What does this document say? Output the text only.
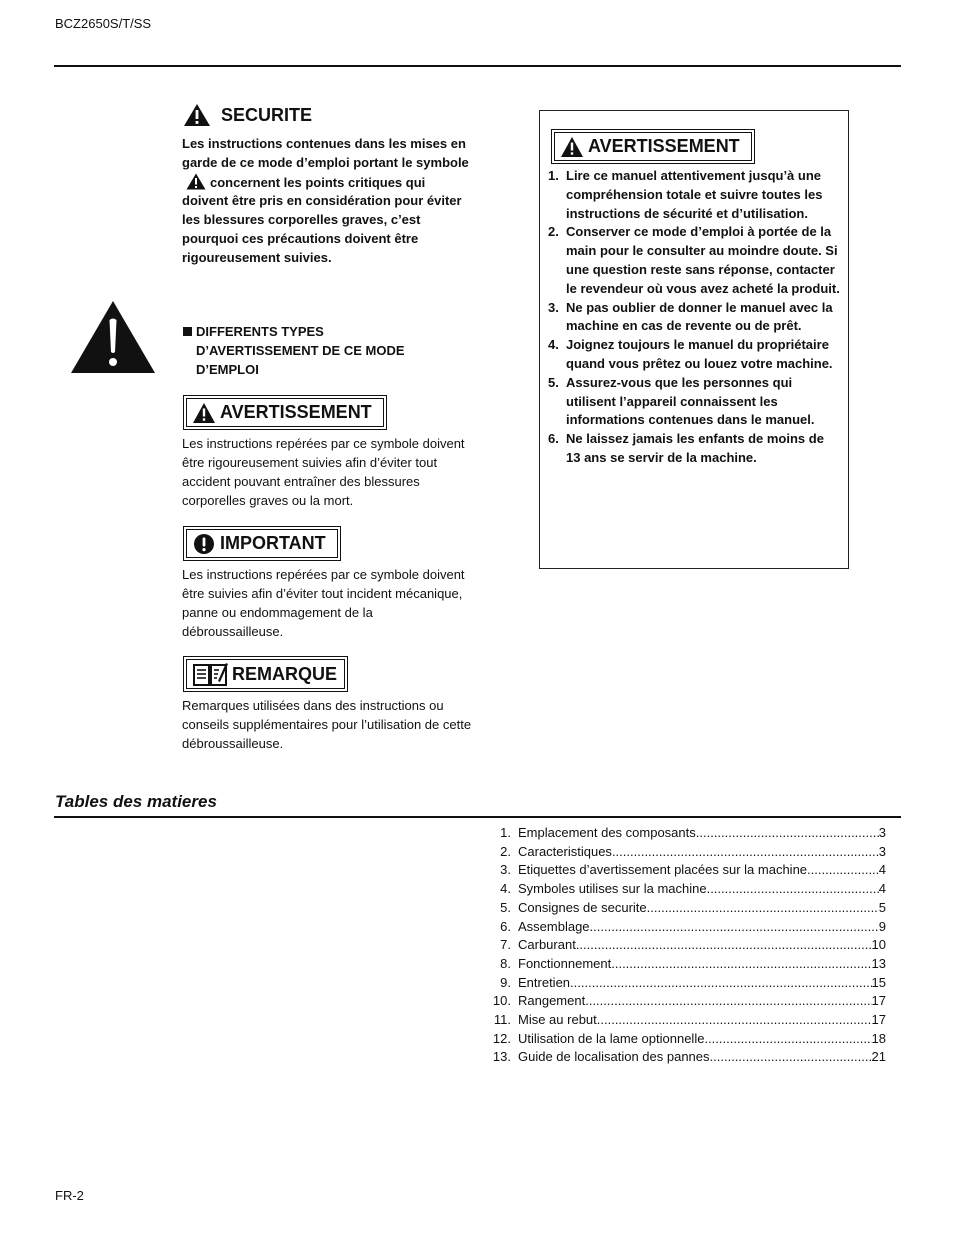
BCZ2650S/T/SS
SECURITE
Les instructions contenues dans les mises en garde de ce mode d’emploi portant le symboleconcernent les points critiques qui doivent être pris en considération pour éviter les blessures corporelles graves, c’est pourquoi ces précautions doivent être rigoureusement suivies.
DIFFERENTS TYPES
D’AVERTISSEMENT DE CE MODE
D’EMPLOI
AVERTISSEMENT
Les instructions repérées par ce symbole doivent être rigoureusement suivies afin d’éviter tout accident pouvant entraîner des blessures corporelles graves ou la mort.
IMPORTANT
Les instructions repérées par ce symbole doivent être suivies afin d’éviter tout incident mécanique, panne ou endommagement de la débroussailleuse.
REMARQUE
Remarques utilisées dans des instructions ou conseils supplémentaires pour l’utilisation de cette débroussailleuse.
AVERTISSEMENT
1. Lire ce manuel attentivement jusqu’à une compréhension totale et suivre toutes les instructions de sécurité et d’utilisation.
2. Conserver ce mode d’emploi à portée de la main pour le consulter au moindre doute. Si une question reste sans réponse, contacter le revendeur où vous avez acheté la produit.
3. Ne pas oublier de donner le manuel avec la machine en cas de revente ou de prêt.
4. Joignez toujours le manuel du propriétaire quand vous prêtez ou louez votre machine.
5. Assurez-vous que les personnes qui utilisent l’appareil connaissent les informations contenues dans le manuel.
6. Ne laissez jamais les enfants de moins de 13 ans se servir de la machine.
Tables des matieres
1. Emplacement des composants .....	3
2. Caracteristiques .....	3
3. Etiquettes d’avertissement placées sur la machine .....	4
4. Symboles utilises sur la machine .....	4
5. Consignes de securite .....	5
6. Assemblage .....	9
7. Carburant .....	10
8. Fonctionnement .....	13
9. Entretien .....	15
10. Rangement .....	17
11. Mise au rebut .....	17
12. Utilisation de la lame optionnelle .....	18
13. Guide de localisation des pannes .....	21
FR-2
